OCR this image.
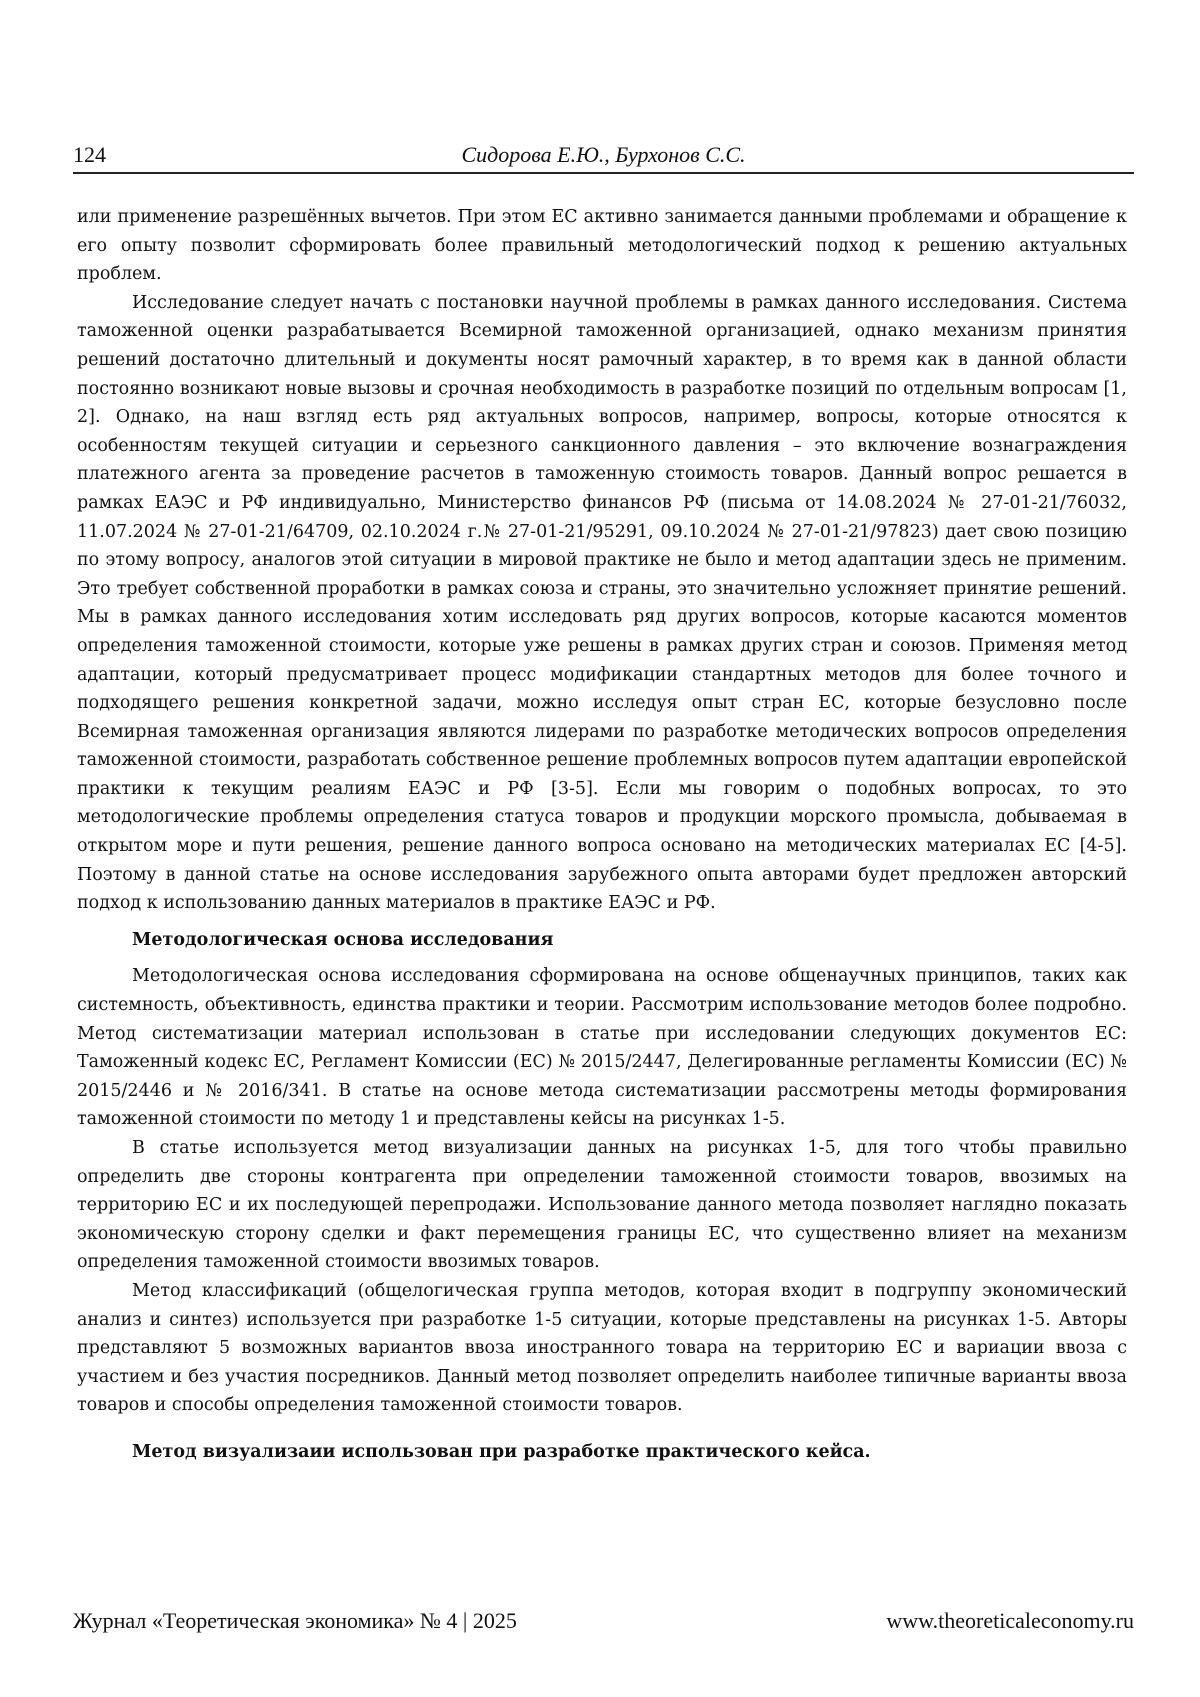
124	Сидорова Е.Ю., Бурхонов С.С.

или применение разрешённых вычетов. При этом ЕС активно занимается данными проблемами и обращение к его опыту позволит сформировать более правильный методологический подход к решению актуальных проблем.

Исследование следует начать с постановки научной проблемы в рамках данного исследования. Система таможенной оценки разрабатывается Всемирной таможенной организацией, однако механизм принятия решений достаточно длительный и документы носят рамочный характер, в то время как в данной области постоянно возникают новые вызовы и срочная необходимость в разработке позиций по отдельным вопросам [1, 2]. Однако, на наш взгляд есть ряд актуальных вопросов, например, вопросы, которые относятся к особенностям текущей ситуации и серьезного санкционного давления – это включение вознаграждения платежного агента за проведение расчетов в таможенную стоимость товаров. Данный вопрос решается в рамках ЕАЭС и РФ индивидуально, Министерство финансов РФ (письма от 14.08.2024 № 27-01-21/76032, 11.07.2024 № 27-01-21/64709, 02.10.2024 г.№ 27-01-21/95291, 09.10.2024 № 27-01-21/97823) дает свою позицию по этому вопросу, аналогов этой ситуации в мировой практике не было и метод адаптации здесь не применим. Это требует собственной проработки в рамках союза и страны, это значительно усложняет принятие решений. Мы в рамках данного исследования хотим исследовать ряд других вопросов, которые касаются моментов определения таможенной стоимости, которые уже решены в рамках других стран и союзов. Применяя метод адаптации, который предусматривает процесс модификации стандартных методов для более точного и подходящего решения конкретной задачи, можно исследуя опыт стран ЕС, которые безусловно после Всемирная таможенная организация являются лидерами по разработке методических вопросов определения таможенной стоимости, разработать собственное решение проблемных вопросов путем адаптации европейской практики к текущим реалиям ЕАЭС и РФ [3-5]. Если мы говорим о подобных вопросах, то это методологические проблемы определения статуса товаров и продукции морского промысла, добываемая в открытом море и пути решения, решение данного вопроса основано на методических материалах ЕС [4-5]. Поэтому в данной статье на основе исследования зарубежного опыта авторами будет предложен авторский подход к использованию данных материалов в практике ЕАЭС и РФ.

Методологическая основа исследования

Методологическая основа исследования сформирована на основе общенаучных принципов, таких как системность, объективность, единства практики и теории. Рассмотрим использование методов более подробно. Метод систематизации материал использован в статье при исследовании следующих документов ЕС: Таможенный кодекс ЕС, Регламент Комиссии (ЕС) № 2015/2447, Делегированные регламенты Комиссии (ЕС) № 2015/2446 и № 2016/341. В статье на основе метода систематизации рассмотрены методы формирования таможенной стоимости по методу 1 и представлены кейсы на рисунках 1-5.

В статье используется метод визуализации данных на рисунках 1-5, для того чтобы правильно определить две стороны контрагента при определении таможенной стоимости товаров, ввозимых на территорию ЕС и их последующей перепродажи. Использование данного метода позволяет наглядно показать экономическую сторону сделки и факт перемещения границы ЕС, что существенно влияет на механизм определения таможенной стоимости ввозимых товаров.

Метод классификаций (общелогическая группа методов, которая входит в подгруппу экономический анализ и синтез) используется при разработке 1-5 ситуации, которые представлены на рисунках 1-5. Авторы представляют 5 возможных вариантов ввоза иностранного товара на территорию ЕС и вариации ввоза с участием и без участия посредников. Данный метод позволяет определить наиболее типичные варианты ввоза товаров и способы определения таможенной стоимости товаров.

Метод визуализаии использован при разработке практического кейса.
Журнал «Теоретическая экономика» № 4 | 2025	www.theoreticaleconomy.ru
